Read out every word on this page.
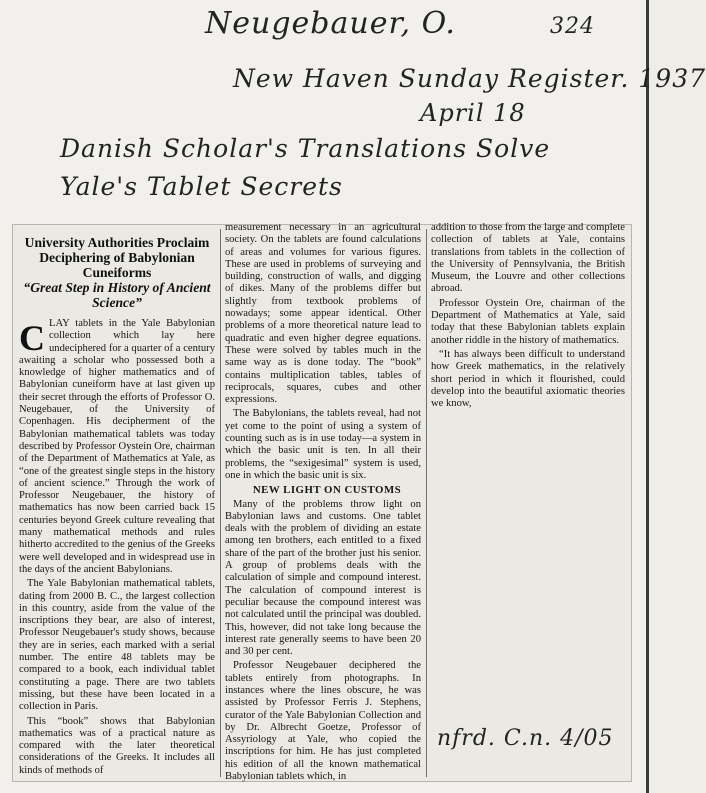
Neugebauer, O.	324
New Haven Sunday Register. 1937
April 18
Danish Scholar's Translations Solve
Yale's Tablet Secrets
University Authorities Proclaim Deciphering of Babylonian Cuneiforms
“Great Step in History of Ancient Science”
C LAY tablets in the Yale Babylonian collection which lay here undeciphered for a quarter of a century awaiting a scholar who possessed both a knowledge of higher mathematics and of Babylonian cuneiform have at last given up their secret through the efforts of Professor O. Neugebauer, of the University of Copenhagen. His decipherment of the Babylonian mathematical tablets was today described by Professor Oystein Ore, chairman of the Department of Mathematics at Yale, as “one of the greatest single steps in the history of ancient science.” Through the work of Professor Neugebauer, the history of mathematics has now been carried back 15 centuries beyond Greek culture revealing that many mathematical methods and rules hitherto accredited to the genius of the Greeks were well developed and in widespread use in the days of the ancient Babylonians.

The Yale Babylonian mathematical tablets, dating from 2000 B. C., the largest collection in this country, aside from the value of the inscriptions they bear, are also of interest, Professor Neugebauer's study shows, because they are in series, each marked with a serial number. The entire 48 tablets may be compared to a book, each individual tablet constituting a page. There are two tablets missing, but these have been located in a collection in Paris.

This “book” shows that Babylonian mathematics was of a practical nature as compared with the later theoretical considerations of the Greeks. It includes all kinds of methods of

measurement necessary in an agricultural society. On the tablets are found calculations of areas and volumes for various figures. These are used in problems of surveying and building, construction of walls, and digging of dikes. Many of the problems differ but slightly from textbook problems of nowadays; some appear identical. Other problems of a more theoretical nature lead to quadratic and even higher degree equations. These were solved by tables much in the same way as is done today. The “book” contains multiplication tables, tables of reciprocals, squares, cubes and other expressions.

The Babylonians, the tablets reveal, had not yet come to the point of using a system of counting such as is in use today—a system in which the basic unit is ten. In all their problems, the “sexigesimal” system is used, one in which the basic unit is six.

NEW LIGHT ON CUSTOMS

Many of the problems throw light on Babylonian laws and customs. One tablet deals with the problem of dividing an estate among ten brothers, each entitled to a fixed share of the part of the brother just his senior. A group of problems deals with the calculation of simple and compound interest. The calculation of compound interest is peculiar because the compound interest was not calculated until the principal was doubled. This, however, did not take long because the interest rate generally seems to have been 20 and 30 per cent.

Professor Neugebauer deciphered the tablets entirely from photographs. In instances where the lines obscure, he was assisted by Professor Ferris J. Stephens, curator of the Yale Babylonian Collection and by Dr. Albrecht Goetze, Professor of Assyriology at Yale, who copied the inscriptions for him. He has just completed his edition of all the known mathematical Babylonian tablets which, in

addition to those from the large and complete collection of tablets at Yale, contains translations from tablets in the collection of the University of Pennsylvania, the British Museum, the Louvre and other collections abroad.

Professor Oystein Ore, chairman of the Department of Mathematics at Yale, said today that these Babylonian tablets explain another riddle in the history of mathematics.

“It has always been difficult to understand how Greek mathematics, in the relatively short period in which it flourished, could develop into the beautiful axiomatic theories we know,

nfrd. C.n. 4/05
